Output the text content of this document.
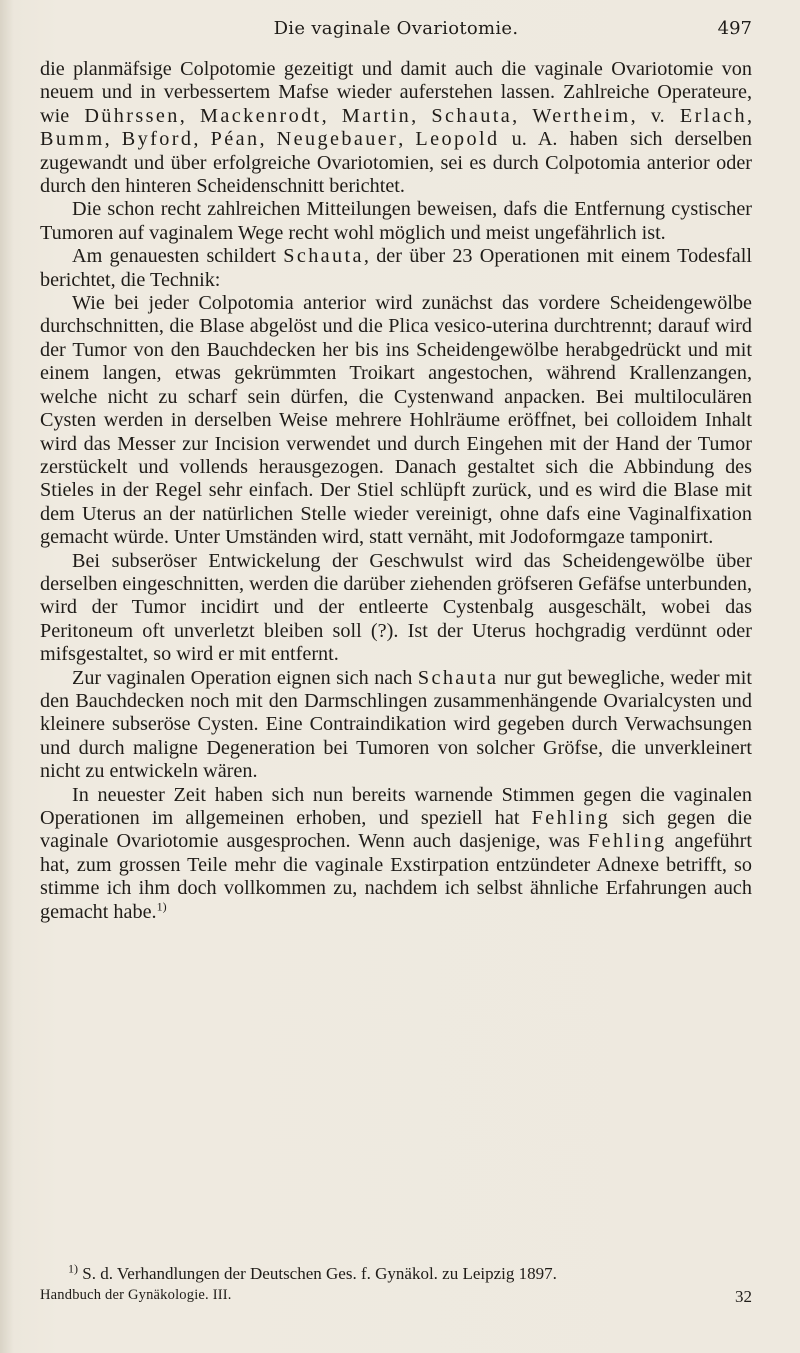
Die vaginale Ovariotomie.	497

die planmäfsige Colpotomie gezeitigt und damit auch die vaginale Ovariotomie von neuem und in verbessertem Mafse wieder auferstehen lassen. Zahlreiche Operateure, wie Dührssen, Mackenrodt, Martin, Schauta, Wertheim, v. Erlach, Bumm, Byford, Péan, Neugebauer, Leopold u. A. haben sich derselben zugewandt und über erfolgreiche Ovariotomien, sei es durch Colpotomia anterior oder durch den hinteren Scheidenschnitt berichtet.

Die schon recht zahlreichen Mitteilungen beweisen, dafs die Entfernung cystischer Tumoren auf vaginalem Wege recht wohl möglich und meist ungefährlich ist.

Am genauesten schildert Schauta, der über 23 Operationen mit einem Todesfall berichtet, die Technik:

Wie bei jeder Colpotomia anterior wird zunächst das vordere Scheidengewölbe durchschnitten, die Blase abgelöst und die Plica vesico-uterina durchtrennt; darauf wird der Tumor von den Bauchdecken her bis ins Scheidengewölbe herabgedrückt und mit einem langen, etwas gekrümmten Troikart angestochen, während Krallenzangen, welche nicht zu scharf sein dürfen, die Cystenwand anpacken. Bei multiloculären Cysten werden in derselben Weise mehrere Hohlräume eröffnet, bei colloidem Inhalt wird das Messer zur Incision verwendet und durch Eingehen mit der Hand der Tumor zerstückelt und vollends herausgezogen. Danach gestaltet sich die Abbindung des Stieles in der Regel sehr einfach. Der Stiel schlüpft zurück, und es wird die Blase mit dem Uterus an der natürlichen Stelle wieder vereinigt, ohne dafs eine Vaginalfixation gemacht würde. Unter Umständen wird, statt vernäht, mit Jodoformgaze tamponirt.

Bei subseröser Entwickelung der Geschwulst wird das Scheidengewölbe über derselben eingeschnitten, werden die darüber ziehenden gröfseren Gefäfse unterbunden, wird der Tumor incidirt und der entleerte Cystenbalg ausgeschält, wobei das Peritoneum oft unverletzt bleiben soll (?). Ist der Uterus hochgradig verdünnt oder mifsgestaltet, so wird er mit entfernt.

Zur vaginalen Operation eignen sich nach Schauta nur gut bewegliche, weder mit den Bauchdecken noch mit den Darmschlingen zusammenhängende Ovarialcysten und kleinere subseröse Cysten. Eine Contraindikation wird gegeben durch Verwachsungen und durch maligne Degeneration bei Tumoren von solcher Gröfse, die unverkleinert nicht zu entwickeln wären.

In neuester Zeit haben sich nun bereits warnende Stimmen gegen die vaginalen Operationen im allgemeinen erhoben, und speziell hat Fehling sich gegen die vaginale Ovariotomie ausgesprochen. Wenn auch dasjenige, was Fehling angeführt hat, zum grossen Teile mehr die vaginale Exstirpation entzündeter Adnexe betrifft, so stimme ich ihm doch vollkommen zu, nachdem ich selbst ähnliche Erfahrungen auch gemacht habe.$^{1)}$

$^{1)}$ S. d. Verhandlungen der Deutschen Ges. f. Gynäkol. zu Leipzig 1897.
Handbuch der Gynäkologie. III.	32
